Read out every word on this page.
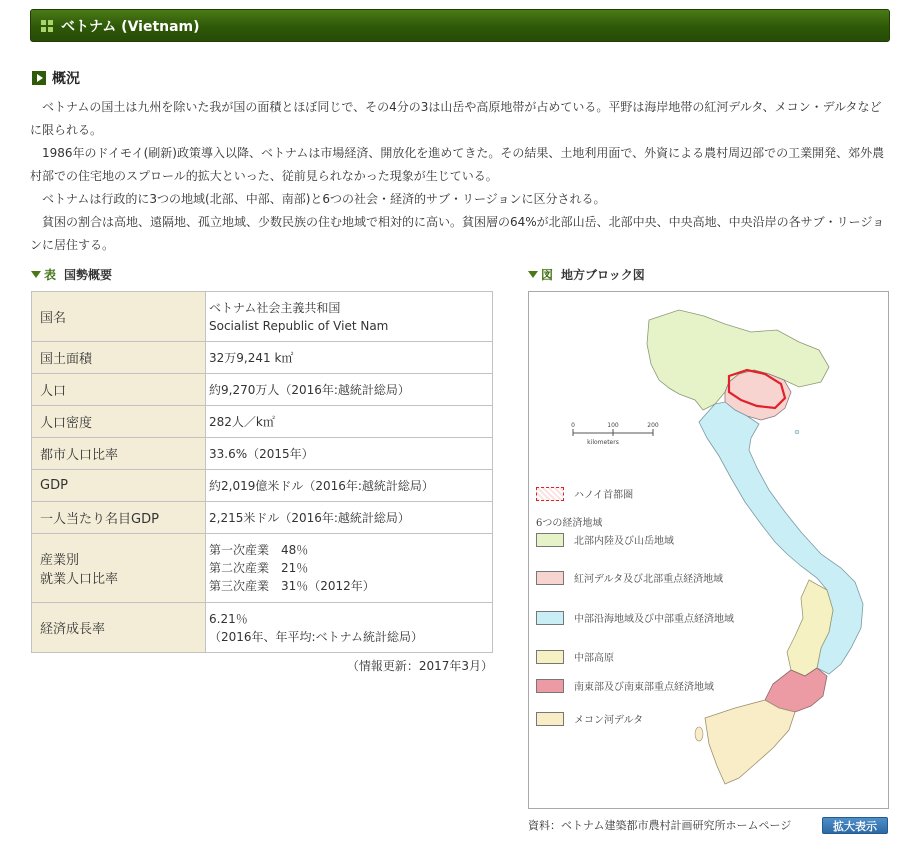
ベトナム (Vietnam)
概況

ベトナムの国土は九州を除いた我が国の面積とほぼ同じで、その4分の3は山岳や高原地帯が占めている。平野は海岸地帯の紅河デルタ、メコン・デルタなどに限られる。

1986年のドイモイ(刷新)政策導入以降、ベトナムは市場経済、開放化を進めてきた。その結果、土地利用面で、外資による農村周辺部での工業開発、郊外農村部での住宅地のスプロール的拡大といった、従前見られなかった現象が生じている。

ベトナムは行政的に3つの地域(北部、中部、南部)と6つの社会・経済的サブ・リージョンに区分される。

貧困の割合は高地、遠隔地、孤立地域、少数民族の住む地域で相対的に高い。貧困層の64%が北部山岳、北部中央、中央高地、中央沿岸の各サブ・リージョンに居住する。

表 国勢概要
国名	ベトナム社会主義共和国
Socialist Republic of Viet Nam
国土面積	32万9,241 k㎡
人口	約9,270万人（2016年:越統計総局）
人口密度	282人／k㎡
都市人口比率	33.6%（2015年）
GDP	約2,019億米ドル（2016年:越統計総局）
一人当たり名目GDP	2,215米ドル（2016年:越統計総局）
産業別
就業人口比率	第一次産業　48％
第二次産業　21％
第三次産業　31％（2012年）
経済成長率	6.21％
（2016年、年平均:ベトナム統計総局）
（情報更新：2017年3月）
図 地方ブロック図
0	100	200
kilometers
ハノイ首都圏
6つの経済地域
北部内陸及び山岳地域
紅河デルタ及び北部重点経済地域
中部沿海地域及び中部重点経済地域
中部高原
南東部及び南東部重点経済地域
メコン河デルタ
資料：ベトナム建築都市農村計画研究所ホームページ	拡大表示
